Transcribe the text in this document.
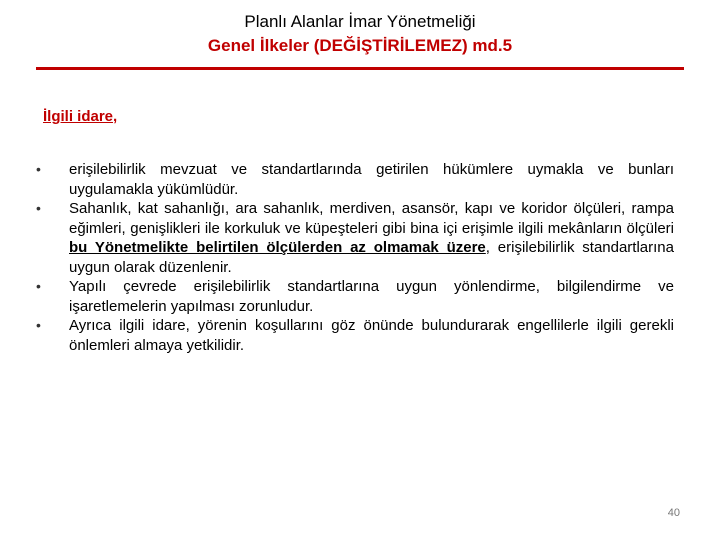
Planlı Alanlar İmar Yönetmeliği
Genel İlkeler (DEĞİŞTİRİLEMEZ) md.5
İlgili idare,
• erişilebilirlik mevzuat ve standartlarında getirilen hükümlere uymakla ve bunları uygulamakla yükümlüdür.
• Sahanlık, kat sahanlığı, ara sahanlık, merdiven, asansör, kapı ve koridor ölçüleri, rampa eğimleri, genişlikleri ile korkuluk ve küpeşteleri gibi bina içi erişimle ilgili mekânların ölçüleri bu Yönetmelikte belirtilen ölçülerden az olmamak üzere, erişilebilirlik standartlarına uygun olarak düzenlenir.
• Yapılı çevrede erişilebilirlik standartlarına uygun yönlendirme, bilgilendirme ve işaretlemelerin yapılması zorunludur.
• Ayrıca ilgili idare, yörenin koşullarını göz önünde bulundurarak engellilerle ilgili gerekli önlemleri almaya yetkilidir.
40
